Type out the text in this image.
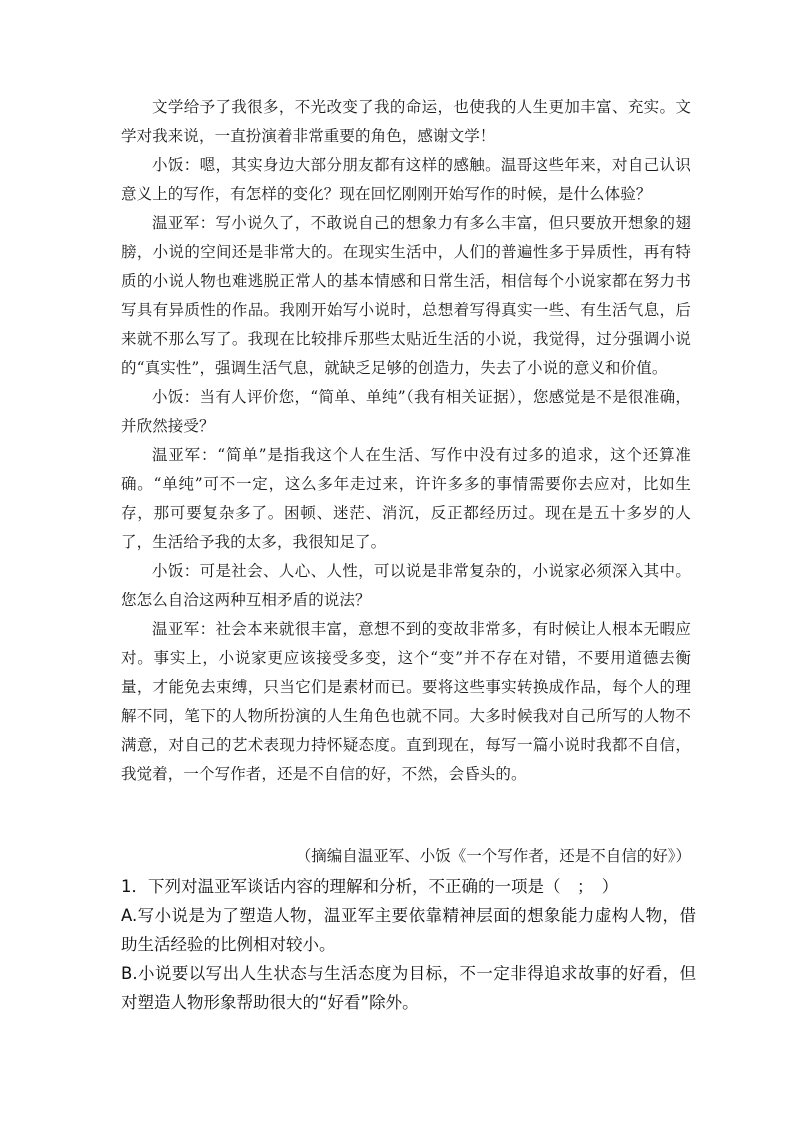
文学给予了我很多，不光改变了我的命运，也使我的人生更加丰富、充实。文学对我来说，一直扮演着非常重要的角色，感谢文学！

小饭：嗯，其实身边大部分朋友都有这样的感触。温哥这些年来，对自己认识意义上的写作，有怎样的变化？现在回忆刚刚开始写作的时候，是什么体验？

温亚军：写小说久了，不敢说自己的想象力有多么丰富，但只要放开想象的翅膀，小说的空间还是非常大的。在现实生活中，人们的普遍性多于异质性，再有特质的小说人物也难逃脱正常人的基本情感和日常生活，相信每个小说家都在努力书写具有异质性的作品。我刚开始写小说时，总想着写得真实一些、有生活气息，后来就不那么写了。我现在比较排斥那些太贴近生活的小说，我觉得，过分强调小说的“真实性”，强调生活气息，就缺乏足够的创造力，失去了小说的意义和价值。

小饭：当有人评价您，“简单、单纯”（我有相关证据），您感觉是不是很准确，并欣然接受？

温亚军：“简单”是指我这个人在生活、写作中没有过多的追求，这个还算准确。“单纯”可不一定，这么多年走过来，许许多多的事情需要你去应对，比如生存，那可要复杂多了。困顿、迷茫、消沉，反正都经历过。现在是五十多岁的人了，生活给予我的太多，我很知足了。

小饭：可是社会、人心、人性，可以说是非常复杂的，小说家必须深入其中。您怎么自洽这两种互相矛盾的说法？

温亚军：社会本来就很丰富，意想不到的变故非常多，有时候让人根本无暇应对。事实上，小说家更应该接受多变，这个“变”并不存在对错，不要用道德去衡量，才能免去束缚，只当它们是素材而已。要将这些事实转换成作品，每个人的理解不同，笔下的人物所扮演的人生角色也就不同。大多时候我对自己所写的人物不满意，对自己的艺术表现力持怀疑态度。直到现在，每写一篇小说时我都不自信，我觉着，一个写作者，还是不自信的好，不然，会昏头的。

（摘编自温亚军、小饭《一个写作者，还是不自信的好》）

1．下列对温亚军谈话内容的理解和分析，不正确的一项是（　；　）

A.写小说是为了塑造人物，温亚军主要依靠精神层面的想象能力虚构人物，借助生活经验的比例相对较小。

B.小说要以写出人生状态与生活态度为目标，不一定非得追求故事的好看，但对塑造人物形象帮助很大的“好看”除外。
